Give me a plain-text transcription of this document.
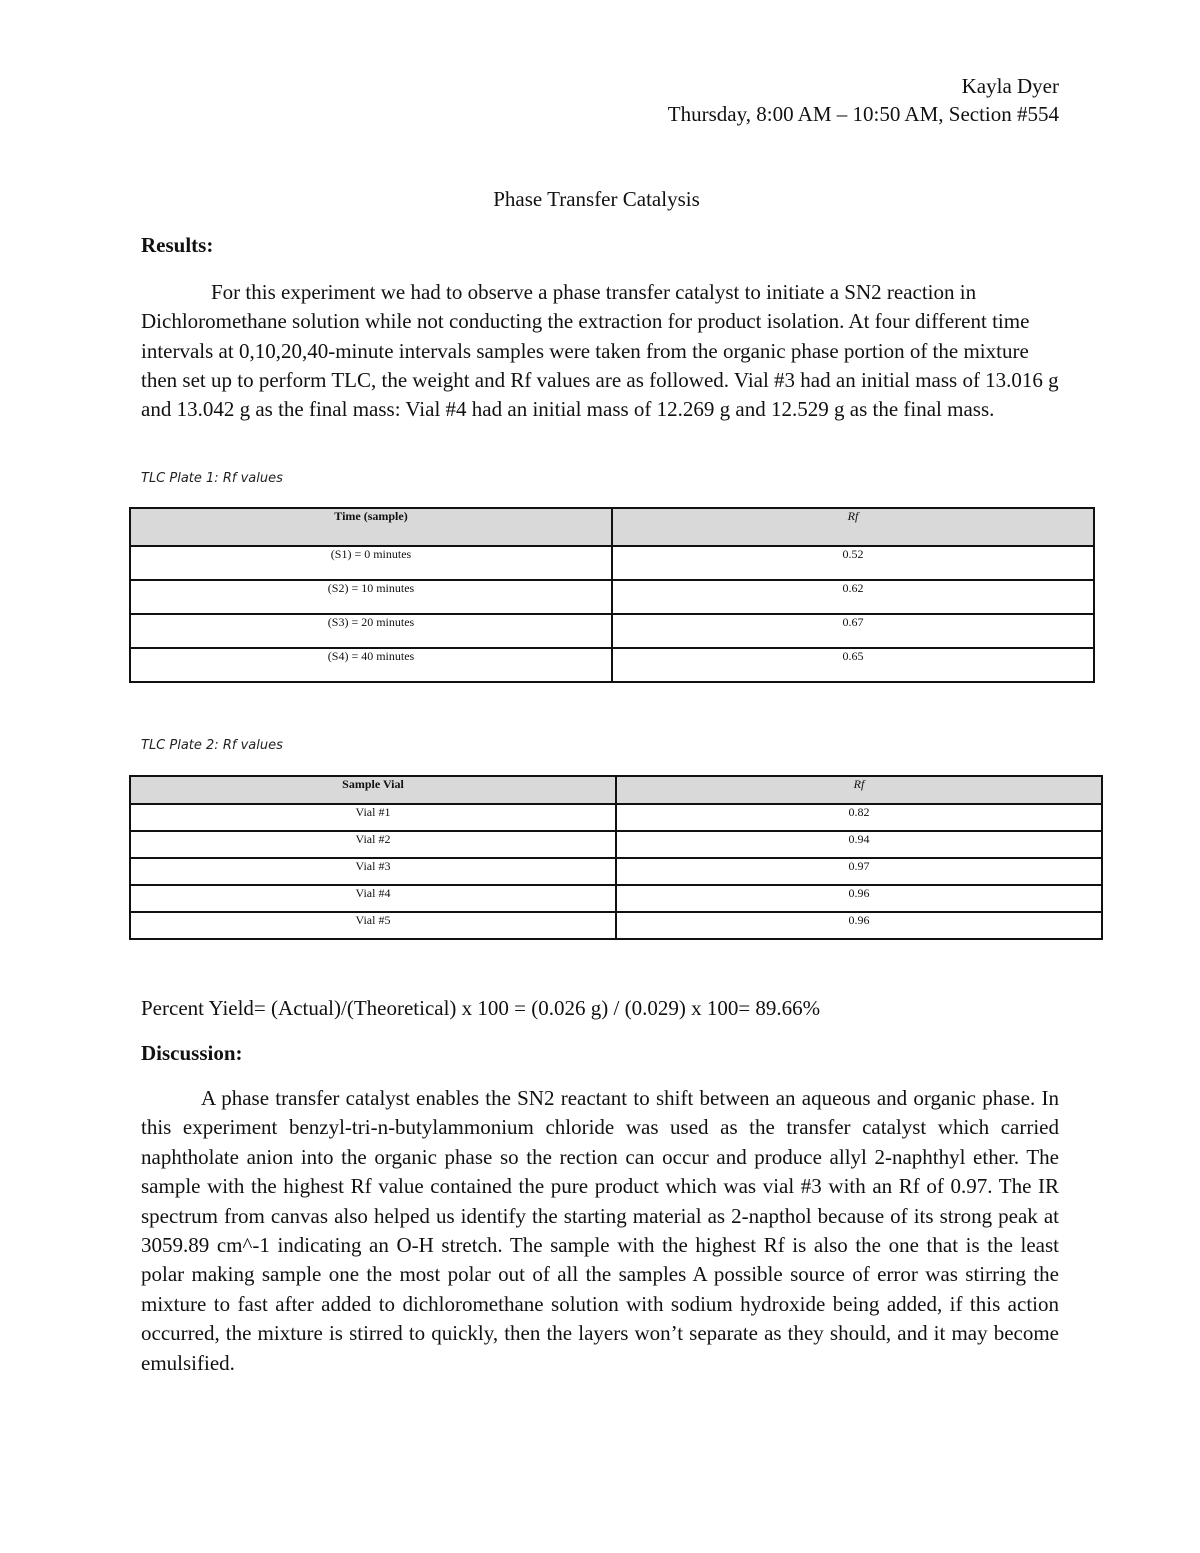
Kayla Dyer
Thursday, 8:00 AM – 10:50 AM, Section #554
Phase Transfer Catalysis
Results:

For this experiment we had to observe a phase transfer catalyst to initiate a SN2 reaction in Dichloromethane solution while not conducting the extraction for product isolation. At four different time intervals at 0,10,20,40-minute intervals samples were taken from the organic phase portion of the mixture then set up to perform TLC, the weight and Rf values are as followed. Vial #3 had an initial mass of 13.016 g and 13.042 g as the final mass: Vial #4 had an initial mass of 12.269 g and 12.529 g as the final mass.

TLC Plate 1: Rf values
Time (sample)	Rf
(S1) = 0 minutes	0.52
(S2) = 10 minutes	0.62
(S3) = 20 minutes	0.67
(S4) = 40 minutes	0.65
TLC Plate 2: Rf values
Sample Vial	Rf
Vial #1	0.82
Vial #2	0.94
Vial #3	0.97
Vial #4	0.96
Vial #5	0.96
Percent Yield= (Actual)/(Theoretical) x 100 = (0.026 g) / (0.029) x 100= 89.66%
Discussion:

A phase transfer catalyst enables the SN2 reactant to shift between an aqueous and organic phase. In this experiment benzyl-tri-n-butylammonium chloride was used as the transfer catalyst which carried naphtholate anion into the organic phase so the rection can occur and produce allyl 2-naphthyl ether. The sample with the highest Rf value contained the pure product which was vial #3 with an Rf of 0.97. The IR spectrum from canvas also helped us identify the starting material as 2-napthol because of its strong peak at 3059.89 cm^-1 indicating an O-H stretch. The sample with the highest Rf is also the one that is the least polar making sample one the most polar out of all the samples A possible source of error was stirring the mixture to fast after added to dichloromethane solution with sodium hydroxide being added, if this action occurred, the mixture is stirred to quickly, then the layers won’t separate as they should, and it may become emulsified.
